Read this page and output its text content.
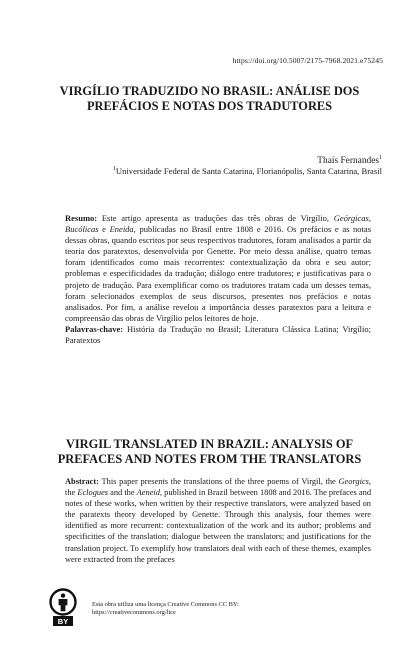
https://doi.org/10.5007/2175-7968.2021.e75245
VIRGÍLIO TRADUZIDO NO BRASIL: ANÁLISE DOS
PREFÁCIOS E NOTAS DOS TRADUTORES
Thaís Fernandes$^1$
$^1$Universidade Federal de Santa Catarina, Florianópolis, Santa Catarina, Brasil
Resumo: Este artigo apresenta as traduções das três obras de Virgílio, Geórgicas, Bucólicas e Eneida, publicadas no Brasil entre 1808 e 2016. Os prefácios e as notas dessas obras, quando escritos por seus respectivos tradutores, foram analisados a partir da teoria dos paratextos, desenvolvida por Genette. Por meio dessa análise, quatro temas foram identificados como mais recorrentes: contextualização da obra e seu autor; problemas e especificidades da tradução; diálogo entre tradutores; e justificativas para o projeto de tradução. Para exemplificar como os tradutores tratam cada um desses temas, foram selecionados exemplos de seus discursos, presentes nos prefácios e notas analisados. Por fim, a análise revelou a importância desses paratextos para a leitura e compreensão das obras de Virgílio pelos leitores de hoje.
Palavras-chave: História da Tradução no Brasil; Literatura Clássica Latina; Virgílio; Paratextos
VIRGIL TRANSLATED IN BRAZIL: ANALYSIS OF
PREFACES AND NOTES FROM THE TRANSLATORS
Abstract: This paper presents the translations of the three poems of Virgil, the Georgics, the Eclogues and the Aeneid, published in Brazil between 1808 and 2016. The prefaces and notes of these works, when written by their respective translators, were analyzed based on the paratexts theory developed by Genette. Through this analysis, four themes were identified as more recurrent: contextualization of the work and its author; problems and specificities of the translation; dialogue between the translators; and justifications for the translation project. To exemplify how translators deal with each of these themes, examples were extracted from the prefaces
BY
Esta obra utiliza uma licença Creative Commons CC BY:
https://creativecommons.org/lice
